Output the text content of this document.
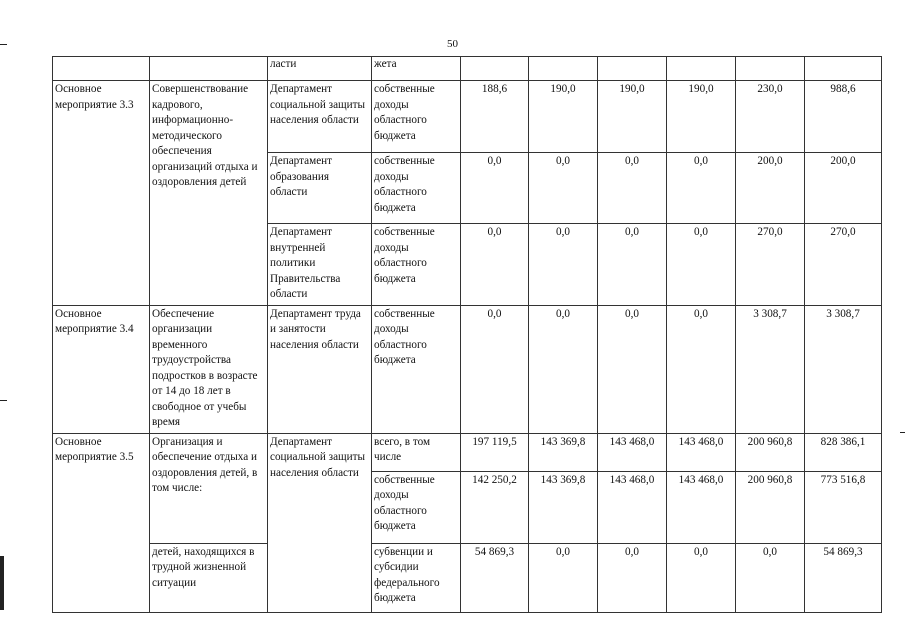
50
		ласти	жета						
Основное мероприятие 3.3	Совершенствование кадрового, информационно-методического обеспечения организаций отдыха и оздоровления детей	Департамент социальной защиты населения области	собственные доходы областного бюджета	188,6	190,0	190,0	190,0	230,0	988,6
		Департамент образования области	собственные доходы областного бюджета	0,0	0,0	0,0	0,0	200,0	200,0
		Департамент внутренней политики Правительства области	собственные доходы областного бюджета	0,0	0,0	0,0	0,0	270,0	270,0
Основное мероприятие 3.4	Обеспечение организации временного трудоустройства подростков в возрасте от 14 до 18 лет в свободное от учебы время	Департамент труда и занятости населения области	собственные доходы областного бюджета	0,0	0,0	0,0	0,0	3 308,7	3 308,7
Основное мероприятие 3.5	Организация и обеспечение отдыха и оздоровления детей, в том числе:	Департамент социальной защиты населения области	всего, в том числе	197 119,5	143 369,8	143 468,0	143 468,0	200 960,8	828 386,1
			собственные доходы областного бюджета	142 250,2	143 369,8	143 468,0	143 468,0	200 960,8	773 516,8
	детей, находящихся в трудной жизненной ситуации		субвенции и субсидии федерального бюджета	54 869,3	0,0	0,0	0,0	0,0	54 869,3
